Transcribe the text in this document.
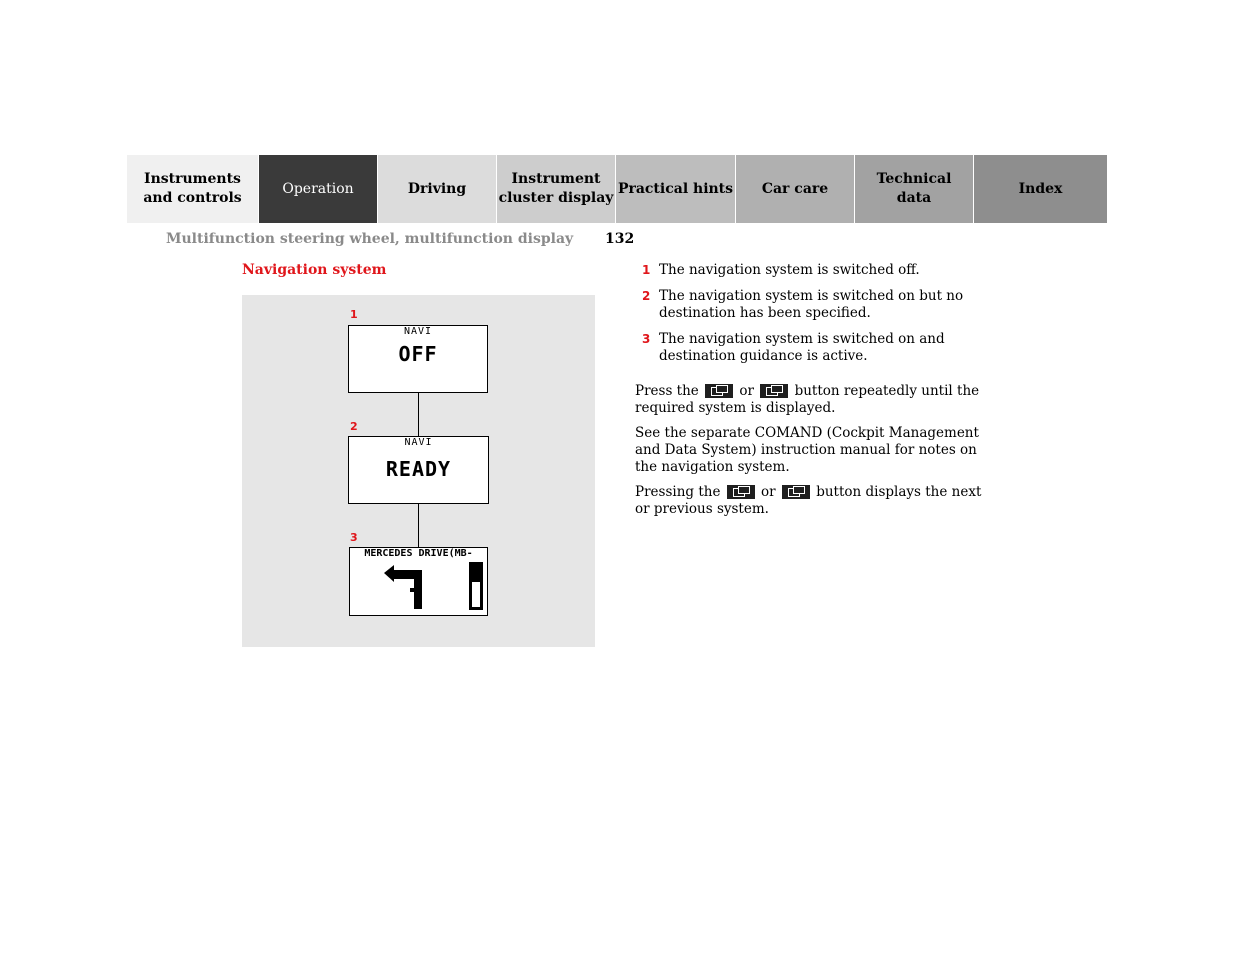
Instruments
and controls
Operation	Driving
Instrument
cluster display
Practical hints Car care
Technical
data
Index
Multifunction steering wheel, multifunction display 132
Navigation system
1
NAVI
OFF
2
NAVI
READY
3
MERCEDES DRIVE(MB-
1 The navigation system is switched off.
2 The navigation system is switched on but no destination has been specified.
3 The navigation system is switched on and destination guidance is active.
Press the	or	button repeatedly until the required system is displayed.
See the separate COMAND (Cockpit Management and Data System) instruction manual for notes on the navigation system.
Pressing the	or	button displays the next or previous system.
